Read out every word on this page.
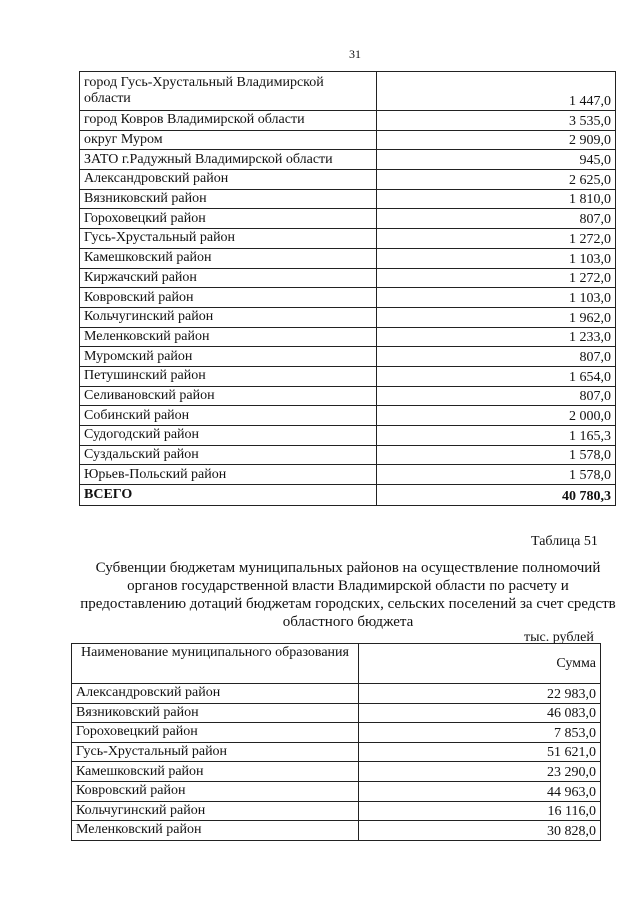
31
город Гусь-Хрустальный Владимирской области	1 447,0
город Ковров Владимирской области	3 535,0
округ Муром	2 909,0
ЗАТО г.Радужный Владимирской области	945,0
Александровский район	2 625,0
Вязниковский район	1 810,0
Гороховецкий район	807,0
Гусь-Хрустальный район	1 272,0
Камешковский район	1 103,0
Киржачский район	1 272,0
Ковровский район	1 103,0
Кольчугинский район	1 962,0
Меленковский район	1 233,0
Муромский район	807,0
Петушинский район	1 654,0
Селивановский район	807,0
Собинский район	2 000,0
Судогодский район	1 165,3
Суздальский район	1 578,0
Юрьев-Польский район	1 578,0
ВСЕГО	40 780,3
Таблица 51
Субвенции бюджетам муниципальных районов на осуществление полномочий органов государственной власти Владимирской области по расчету и предоставлению дотаций бюджетам городских, сельских поселений за счет средств областного бюджета
тыс. рублей
Наименование муниципального образования	Сумма
Александровский район	22 983,0
Вязниковский район	46 083,0
Гороховецкий район	7 853,0
Гусь-Хрустальный район	51 621,0
Камешковский район	23 290,0
Ковровский район	44 963,0
Кольчугинский район	16 116,0
Меленковский район	30 828,0
